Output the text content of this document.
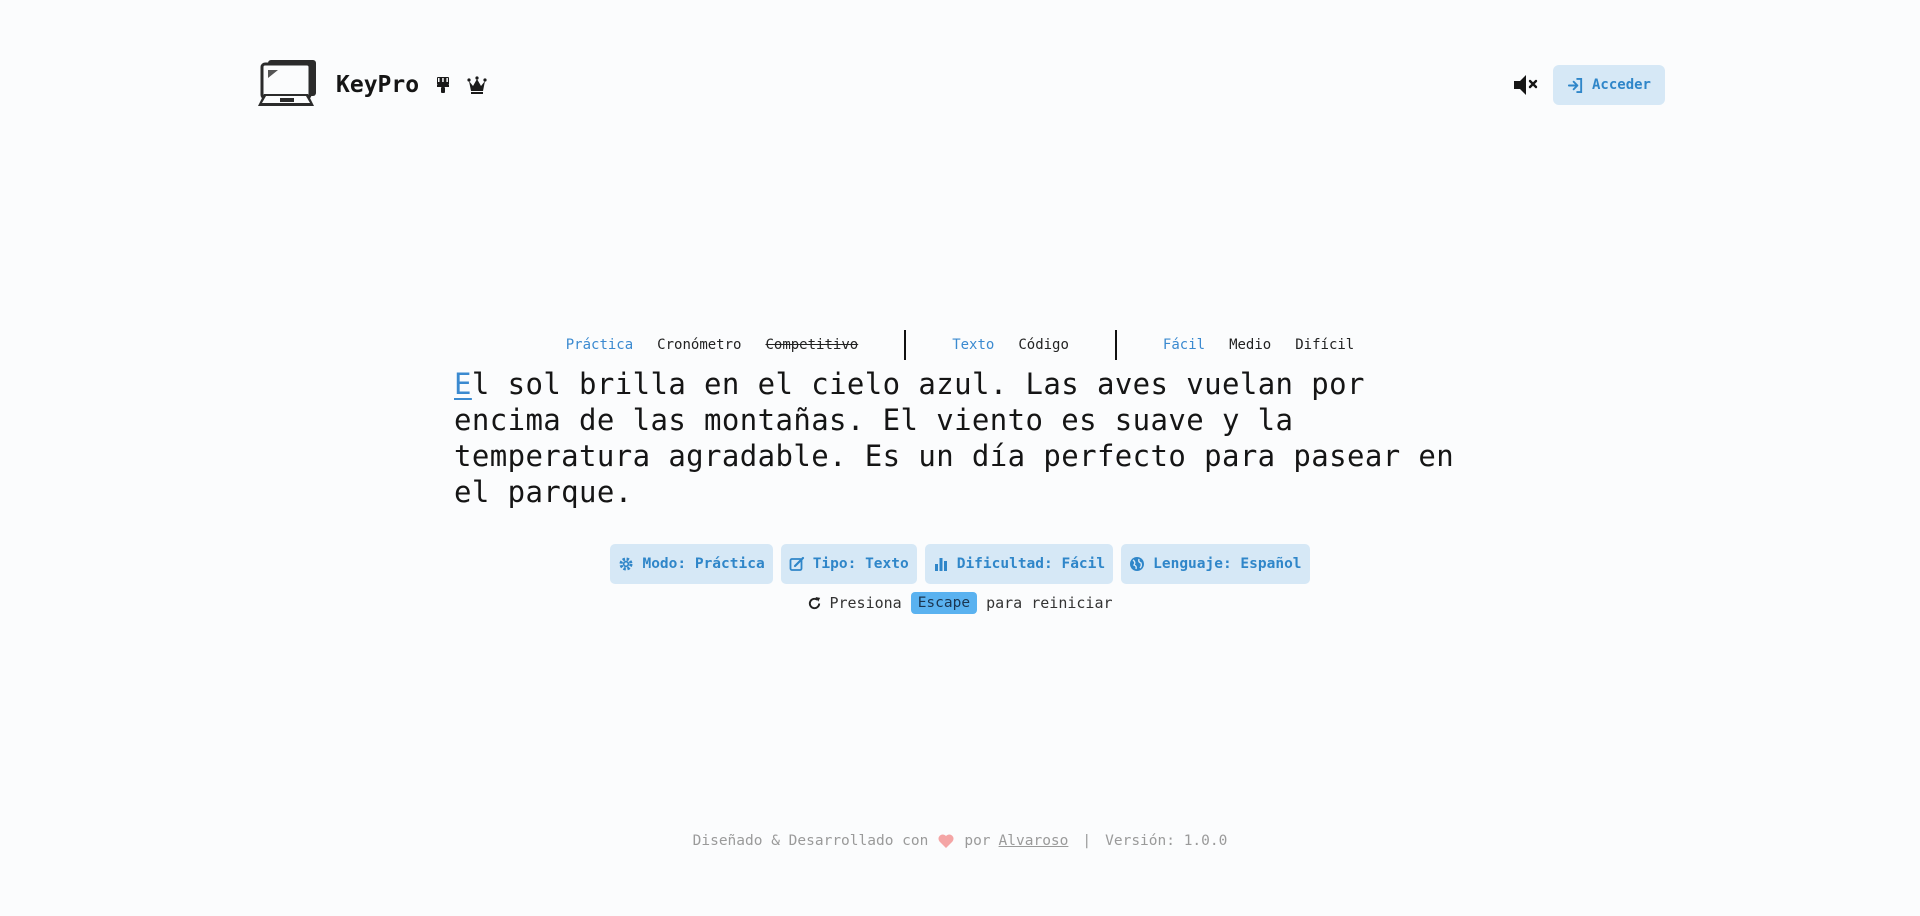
KeyPro	Acceder
Práctica Cronómetro Competitivo	Texto Código	Fácil Medio Difícil
El sol brilla en el cielo azul. Las aves vuelan por encima de las montañas. El viento es suave y la temperatura agradable. Es un día perfecto para pasear en el parque.
Modo: Práctica	Tipo: Texto	Dificultad: Fácil	Lenguaje: Español
Presiona	Escape	para reiniciar
Diseñado & Desarrollado con por Alvaroso | Versión: 1.0.0
